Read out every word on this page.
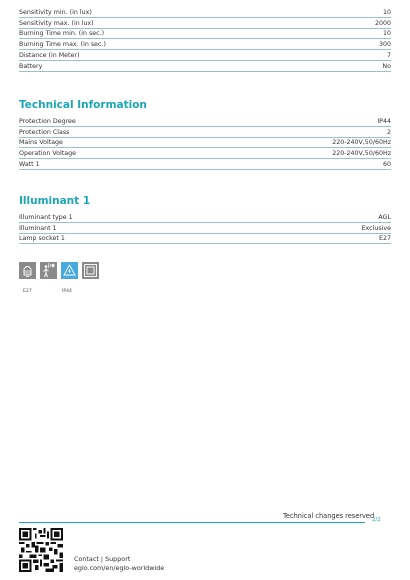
Sensitivity min. (in lux)	10
Sensitivity max. (in lux)	2000
Burning Time min. (in sec.)	10
Burning Time max. (in sec.)	300
Distance (in Meter)	7
Battery	No
Technical Information
Protection Degree	IP44
Protection Class	2
Mains Voltage	220-240V,50/60Hz
Operation Voltage	220-240V,50/60Hz
Watt 1	60
Illuminant 1
Illuminant type 1	AGL
Illuminant 1	Exclusive
Lamp socket 1	E27
E27	IP44
Technical changes reserved
2/2
Contact | Support
eglo.com/en/eglo-worldwide
